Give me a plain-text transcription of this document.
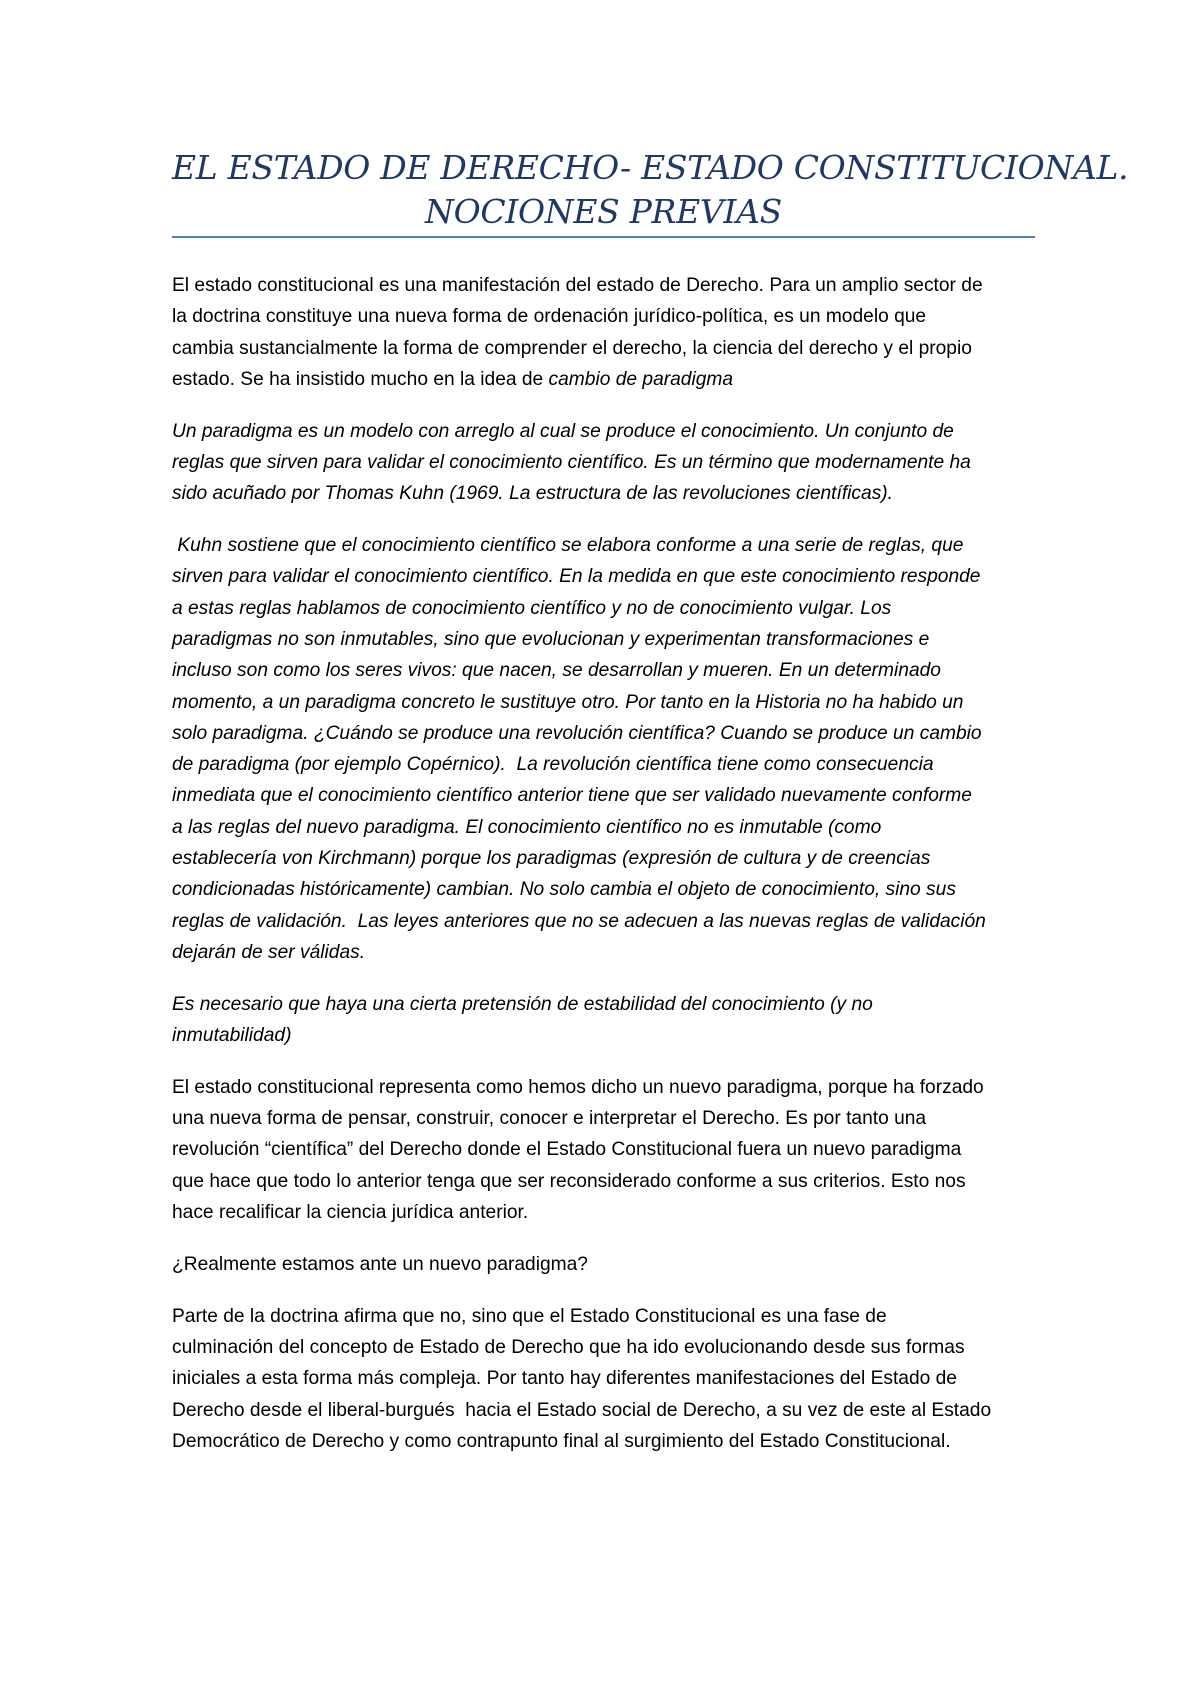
EL ESTADO DE DERECHO- ESTADO CONSTITUCIONAL.
NOCIONES PREVIAS

El estado constitucional es una manifestación del estado de Derecho. Para un amplio sector de
la doctrina constituye una nueva forma de ordenación jurídico-política, es un modelo que
cambia sustancialmente la forma de comprender el derecho, la ciencia del derecho y el propio
estado. Se ha insistido mucho en la idea de cambio de paradigma

Un paradigma es un modelo con arreglo al cual se produce el conocimiento. Un conjunto de
reglas que sirven para validar el conocimiento científico. Es un término que modernamente ha
sido acuñado por Thomas Kuhn (1969. La estructura de las revoluciones científicas).

Kuhn sostiene que el conocimiento científico se elabora conforme a una serie de reglas, que
sirven para validar el conocimiento científico. En la medida en que este conocimiento responde
a estas reglas hablamos de conocimiento científico y no de conocimiento vulgar. Los
paradigmas no son inmutables, sino que evolucionan y experimentan transformaciones e
incluso son como los seres vivos: que nacen, se desarrollan y mueren. En un determinado
momento, a un paradigma concreto le sustituye otro. Por tanto en la Historia no ha habido un
solo paradigma. ¿Cuándo se produce una revolución científica? Cuando se produce un cambio
de paradigma (por ejemplo Copérnico).  La revolución científica tiene como consecuencia
inmediata que el conocimiento científico anterior tiene que ser validado nuevamente conforme
a las reglas del nuevo paradigma. El conocimiento científico no es inmutable (como
establecería von Kirchmann) porque los paradigmas (expresión de cultura y de creencias
condicionadas históricamente) cambian. No solo cambia el objeto de conocimiento, sino sus
reglas de validación.  Las leyes anteriores que no se adecuen a las nuevas reglas de validación
dejarán de ser válidas.

Es necesario que haya una cierta pretensión de estabilidad del conocimiento (y no
inmutabilidad)

El estado constitucional representa como hemos dicho un nuevo paradigma, porque ha forzado
una nueva forma de pensar, construir, conocer e interpretar el Derecho. Es por tanto una
revolución “científica” del Derecho donde el Estado Constitucional fuera un nuevo paradigma
que hace que todo lo anterior tenga que ser reconsiderado conforme a sus criterios. Esto nos
hace recalificar la ciencia jurídica anterior.

¿Realmente estamos ante un nuevo paradigma?

Parte de la doctrina afirma que no, sino que el Estado Constitucional es una fase de
culminación del concepto de Estado de Derecho que ha ido evolucionando desde sus formas
iniciales a esta forma más compleja. Por tanto hay diferentes manifestaciones del Estado de
Derecho desde el liberal-burgués  hacia el Estado social de Derecho, a su vez de este al Estado
Democrático de Derecho y como contrapunto final al surgimiento del Estado Constitucional.
